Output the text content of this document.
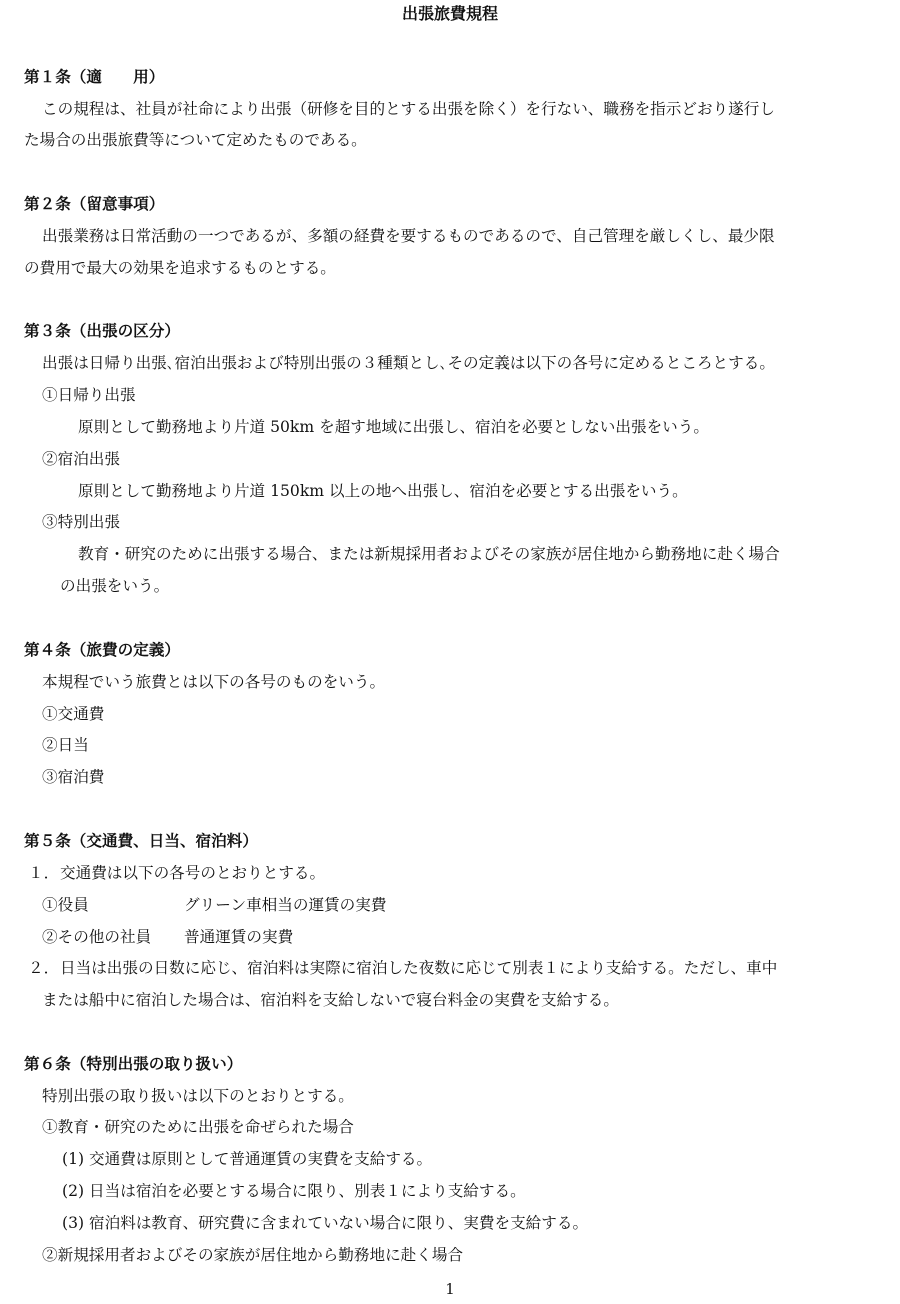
出張旅費規程
第１条（適　　用）
この規程は、社員が社命により出張（研修を目的とする出張を除く）を行ない、職務を指示どおり遂行し
た場合の出張旅費等について定めたものである。
第２条（留意事項）
出張業務は日常活動の一つであるが、多額の経費を要するものであるので、自己管理を厳しくし、最少限
の費用で最大の効果を追求するものとする。
第３条（出張の区分）
出張は日帰り出張､宿泊出張および特別出張の３種類とし､その定義は以下の各号に定めるところとする。
①日帰り出張
原則として勤務地より片道 50km を超す地域に出張し、宿泊を必要としない出張をいう。
②宿泊出張
原則として勤務地より片道 150km 以上の地へ出張し、宿泊を必要とする出張をいう。
③特別出張
教育・研究のために出張する場合、または新規採用者およびその家族が居住地から勤務地に赴く場合
の出張をいう。
第４条（旅費の定義）
本規程でいう旅費とは以下の各号のものをいう。
①交通費
②日当
③宿泊費
第５条（交通費、日当、宿泊料）
１． 交通費は以下の各号のとおりとする。
①役員	グリーン車相当の運賃の実費
②その他の社員 普通運賃の実費
２． 日当は出張の日数に応じ、宿泊料は実際に宿泊した夜数に応じて別表１により支給する。ただし、車中
または船中に宿泊した場合は、宿泊料を支給しないで寝台料金の実費を支給する。
第６条（特別出張の取り扱い）
特別出張の取り扱いは以下のとおりとする。
①教育・研究のために出張を命ぜられた場合
(1) 交通費は原則として普通運賃の実費を支給する。
(2) 日当は宿泊を必要とする場合に限り、別表１により支給する。
(3) 宿泊料は教育、研究費に含まれていない場合に限り、実費を支給する。
②新規採用者およびその家族が居住地から勤務地に赴く場合
1
